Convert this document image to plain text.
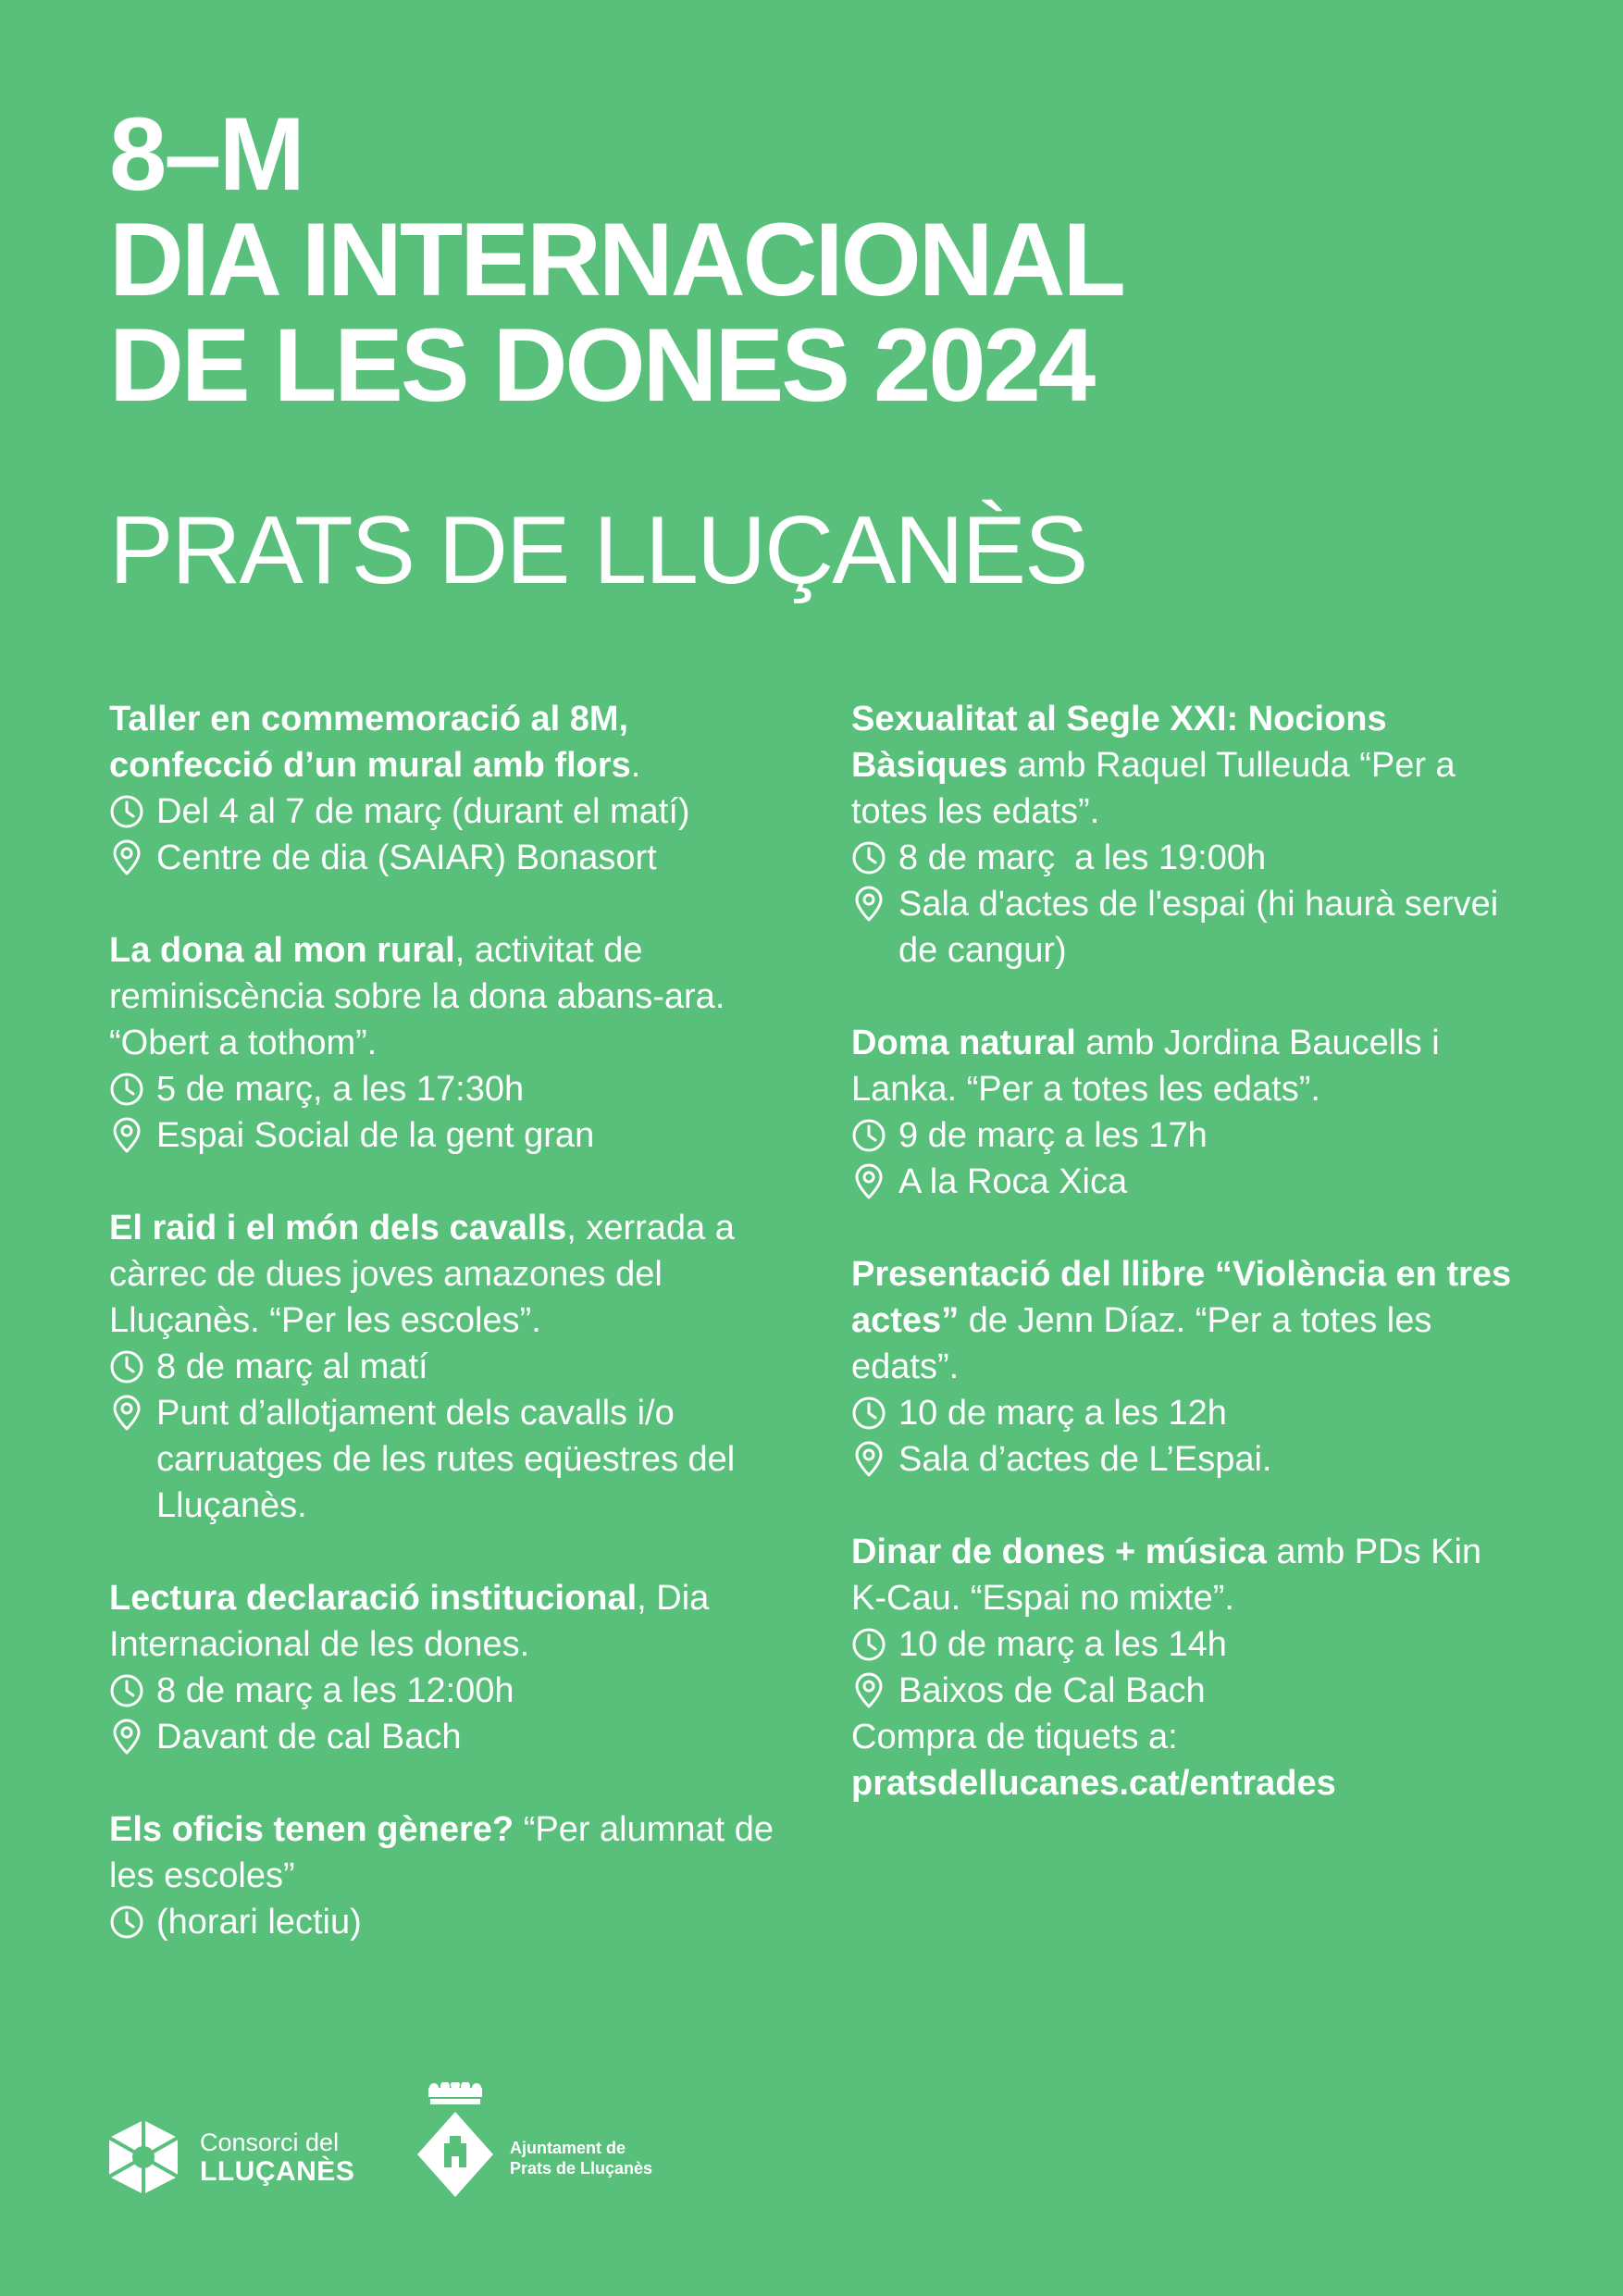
8–M
DIA INTERNACIONAL
DE LES DONES 2024
PRATS DE LLUÇANÈS

Taller en commemoració al 8M, confecció d’un mural amb flors.

Del 4 al 7 de març (durant el matí)
Centre de dia (SAIAR) Bonasort

La dona al mon rural, activitat de reminiscència sobre la dona abans-ara. “Obert a tothom”.

5 de març, a les 17:30h
Espai Social de la gent gran

El raid i el món dels cavalls, xerrada a càrrec de dues joves amazones del Lluçanès. “Per les escoles”.

8 de març al matí
Punt d’allotjament dels cavalls i/o carruatges de les rutes eqüestres del Lluçanès.

Lectura declaració institucional, Dia Internacional de les dones.

8 de març a les 12:00h
Davant de cal Bach

Els oficis tenen gènere? “Per alumnat de les escoles”

(horari lectiu)

Sexualitat al Segle XXI: Nocions Bàsiques amb Raquel Tulleuda “Per a totes les edats”.

8 de març  a les 19:00h
Sala d'actes de l'espai (hi haurà servei de cangur)

Doma natural amb Jordina Baucells i Lanka. “Per a totes les edats”.

9 de març a les 17h
A la Roca Xica

Presentació del llibre “Violència en tres actes” de Jenn Díaz. “Per a totes les edats”.

10 de març a les 12h
Sala d’actes de L’Espai.

Dinar de dones + música amb PDs Kin K-Cau. “Espai no mixte”.

10 de març a les 14h
Baixos de Cal Bach

Compra de tiquets a:

pratsdellucanes.cat/entrades

Consorci del
LLUÇANÈS
Ajuntament de
Prats de Lluçanès
